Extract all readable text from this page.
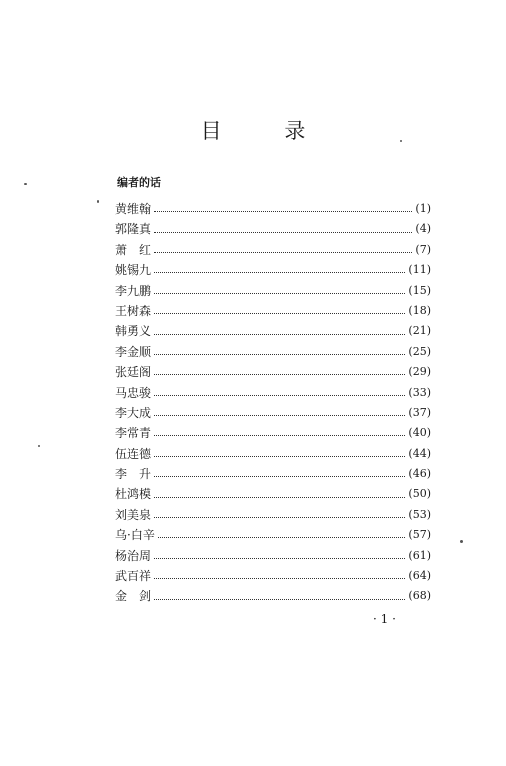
目 录
编者的话
黄维翰	(1)
郭隆真	(4)
萧　红	(7)
姚锡九	(11)
李九鹏	(15)
王树森	(18)
韩勇义	(21)
李金顺	(25)
张廷阁	(29)
马忠骏	(33)
李大成	(37)
李常青	(40)
伍连德	(44)
李　升	(46)
杜鸿模	(50)
刘美泉	(53)
乌·白辛	(57)
杨治周	(61)
武百祥	(64)
金　剑	(68)
· 1 ·
